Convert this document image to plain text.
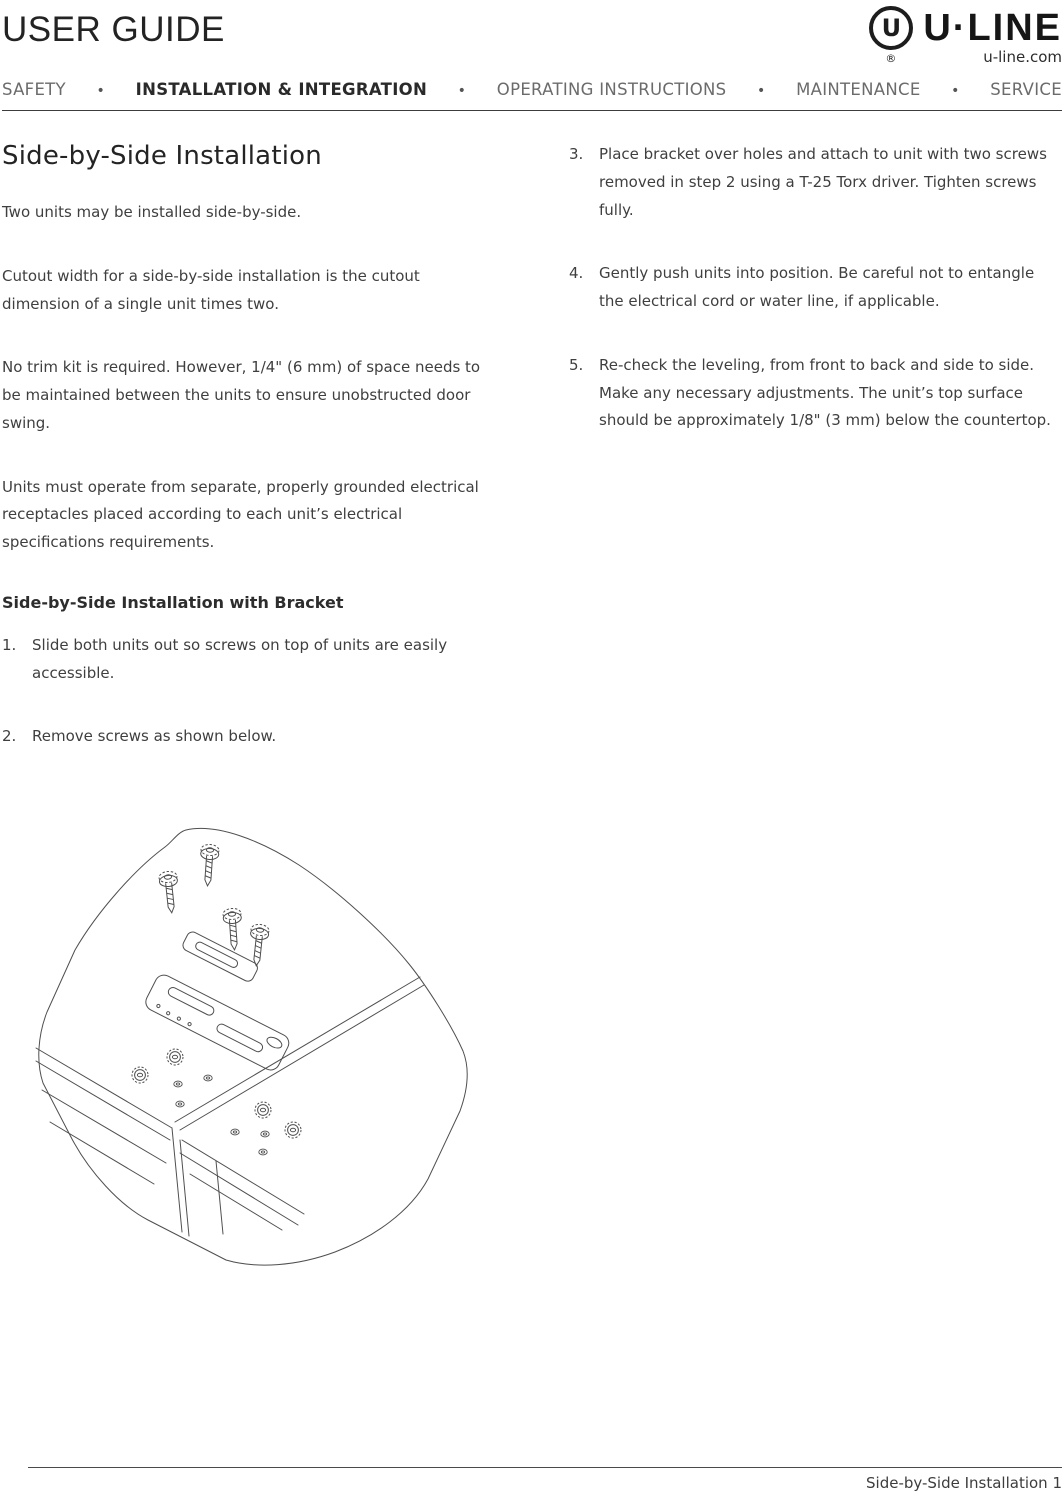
USER GUIDE	U U·LINE
®	u-line.com
SAFETY • INSTALLATION & INTEGRATION • OPERATING INSTRUCTIONS • MAINTENANCE • SERVICE
Side-by-Side Installation

Two units may be installed side-by-side.

Cutout width for a side-by-side installation is the cutout dimension of a single unit times two.

No trim kit is required. However, 1/4" (6 mm) of space needs to be maintained between the units to ensure unobstructed door swing.

Units must operate from separate, properly grounded electrical receptacles placed according to each unit’s electrical specifications requirements.

Side-by-Side Installation with Bracket
1.	Slide both units out so screws on top of units are easily accessible.
2.	Remove screws as shown below.
3.	Place bracket over holes and attach to unit with two screws removed in step 2 using a T-25 Torx driver. Tighten screws fully.
4.	Gently push units into position. Be careful not to entangle the electrical cord or water line, if applicable.
5.	Re-check the leveling, from front to back and side to side. Make any necessary adjustments. The unit’s top surface should be approximately 1/8" (3 mm) below the countertop.
Side-by-Side Installation 1
